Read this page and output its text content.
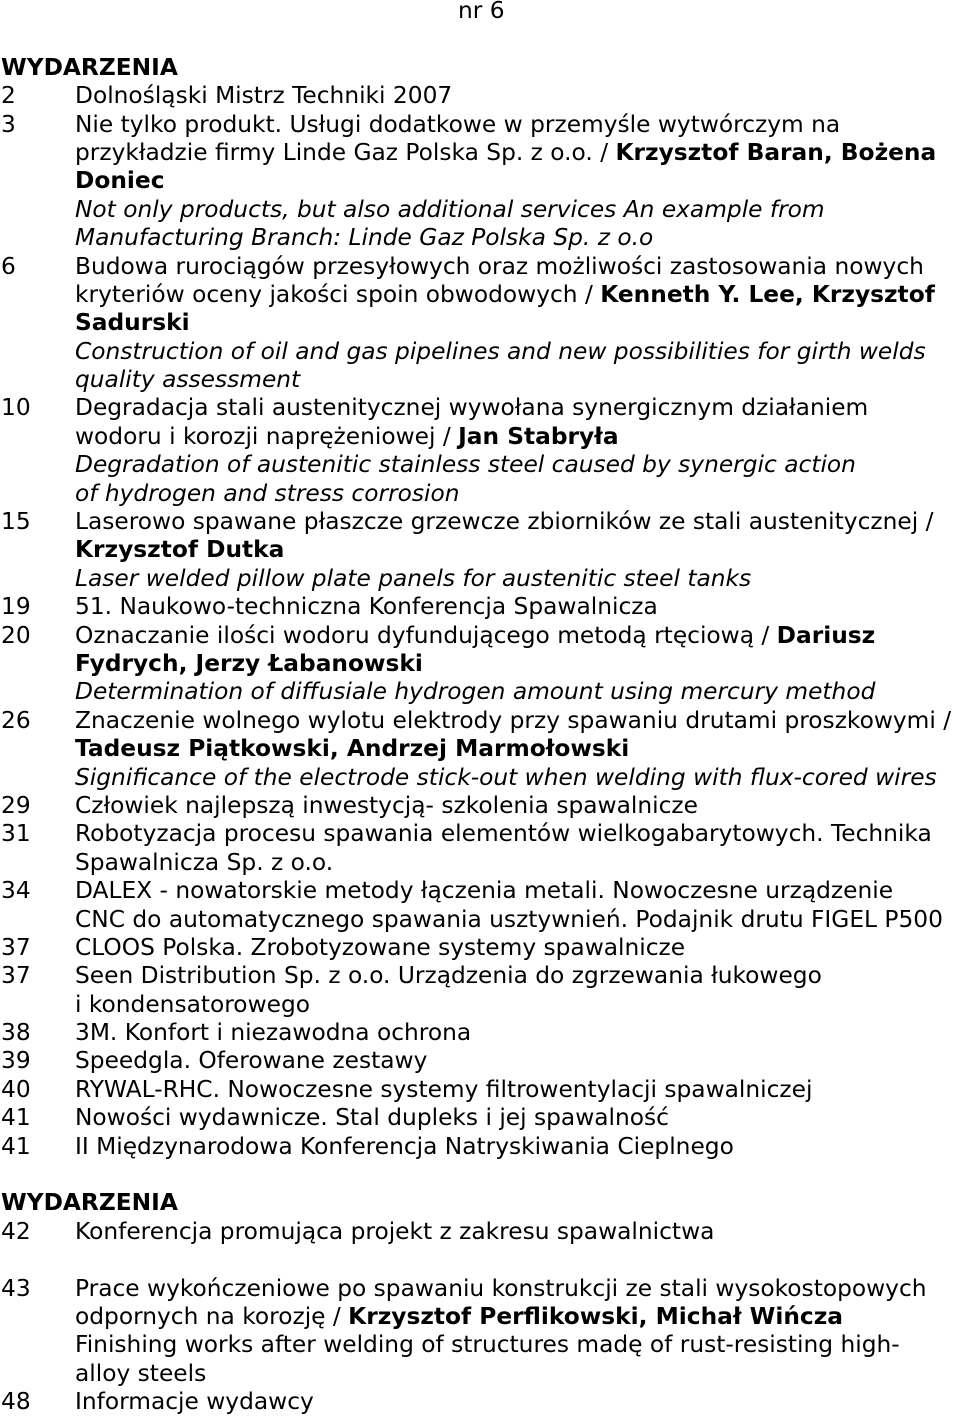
nr 6
WYDARZENIA
2	Dolnośląski Mistrz Techniki 2007
3	Nie tylko produkt. Usługi dodatkowe w przemyśle wytwórczym na
przykładzie firmy Linde Gaz Polska Sp. z o.o. / Krzysztof Baran, Bożena
Doniec
Not only products, but also additional services An example from
Manufacturing Branch: Linde Gaz Polska Sp. z o.o
6	Budowa rurociągów przesyłowych oraz możliwości zastosowania nowych
kryteriów oceny jakości spoin obwodowych / Kenneth Y. Lee, Krzysztof
Sadurski
Construction of oil and gas pipelines and new possibilities for girth welds
quality assessment
10	Degradacja stali austenitycznej wywołana synergicznym działaniem
wodoru i korozji naprężeniowej / Jan Stabryła
Degradation of austenitic stainless steel caused by synergic action
of hydrogen and stress corrosion
15	Laserowo spawane płaszcze grzewcze zbiorników ze stali austenitycznej /
Krzysztof Dutka
Laser welded pillow plate panels for austenitic steel tanks
19	51. Naukowo-techniczna Konferencja Spawalnicza
20	Oznaczanie ilości wodoru dyfundującego metodą rtęciową / Dariusz
Fydrych, Jerzy Łabanowski
Determination of diffusiale hydrogen amount using mercury method
26	Znaczenie wolnego wylotu elektrody przy spawaniu drutami proszkowymi /
Tadeusz Piątkowski, Andrzej Marmołowski
Significance of the electrode stick-out when welding with flux-cored wires
29	Człowiek najlepszą inwestycją- szkolenia spawalnicze
31	Robotyzacja procesu spawania elementów wielkogabarytowych. Technika
Spawalnicza Sp. z o.o.
34	DALEX - nowatorskie metody łączenia metali. Nowoczesne urządzenie
CNC do automatycznego spawania usztywnień. Podajnik drutu FIGEL P500
37	CLOOS Polska. Zrobotyzowane systemy spawalnicze
37	Seen Distribution Sp. z o.o. Urządzenia do zgrzewania łukowego
i kondensatorowego
38	3M. Konfort i niezawodna ochrona
39	Speedgla. Oferowane zestawy
40	RYWAL-RHC. Nowoczesne systemy filtrowentylacji spawalniczej
41	Nowości wydawnicze. Stal dupleks i jej spawalność
41	II Międzynarodowa Konferencja Natryskiwania Cieplnego
WYDARZENIA
42	Konferencja promująca projekt z zakresu spawalnictwa
43	Prace wykończeniowe po spawaniu konstrukcji ze stali wysokostopowych
odpornych na korozję / Krzysztof Perflikowski, Michał Wińcza
Finishing works after welding of structures madę of rust-resisting high-
alloy steels
48	Informacje wydawcy
